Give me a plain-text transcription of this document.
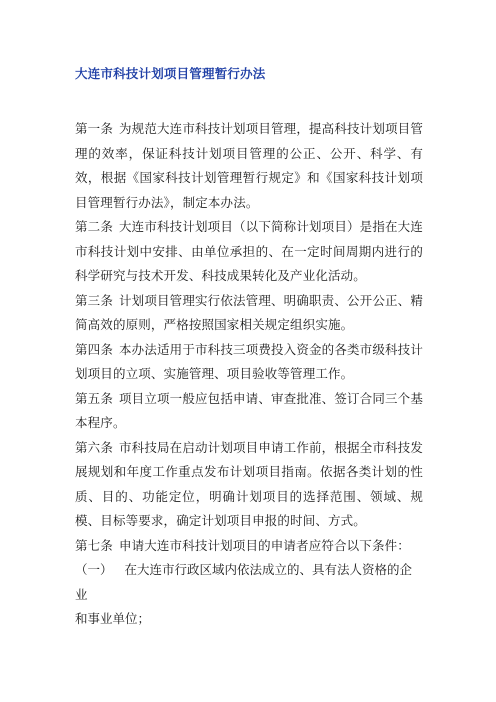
大连市科技计划项目管理暂行办法

第一条 为规范大连市科技计划项目管理，提高科技计划项目管理的效率，保证科技计划项目管理的公正、公开、科学、有效，根据《国家科技计划管理暂行规定》和《国家科技计划项目管理暂行办法》，制定本办法。

第二条 大连市科技计划项目（以下简称计划项目）是指在大连市科技计划中安排、由单位承担的、在一定时间周期内进行的科学研究与技术开发、科技成果转化及产业化活动。

第三条 计划项目管理实行依法管理、明确职责、公开公正、精简高效的原则，严格按照国家相关规定组织实施。

第四条 本办法适用于市科技三项费投入资金的各类市级科技计划项目的立项、实施管理、项目验收等管理工作。

第五条 项目立项一般应包括申请、审查批准、签订合同三个基本程序。

第六条 市科技局在启动计划项目申请工作前，根据全市科技发展规划和年度工作重点发布计划项目指南。依据各类计划的性质、目的、功能定位，明确计划项目的选择范围、领域、规模、目标等要求，确定计划项目申报的时间、方式。

第七条 申请大连市科技计划项目的申请者应符合以下条件：

（一） 在大连市行政区域内依法成立的、具有法人资格的企业

和事业单位；
